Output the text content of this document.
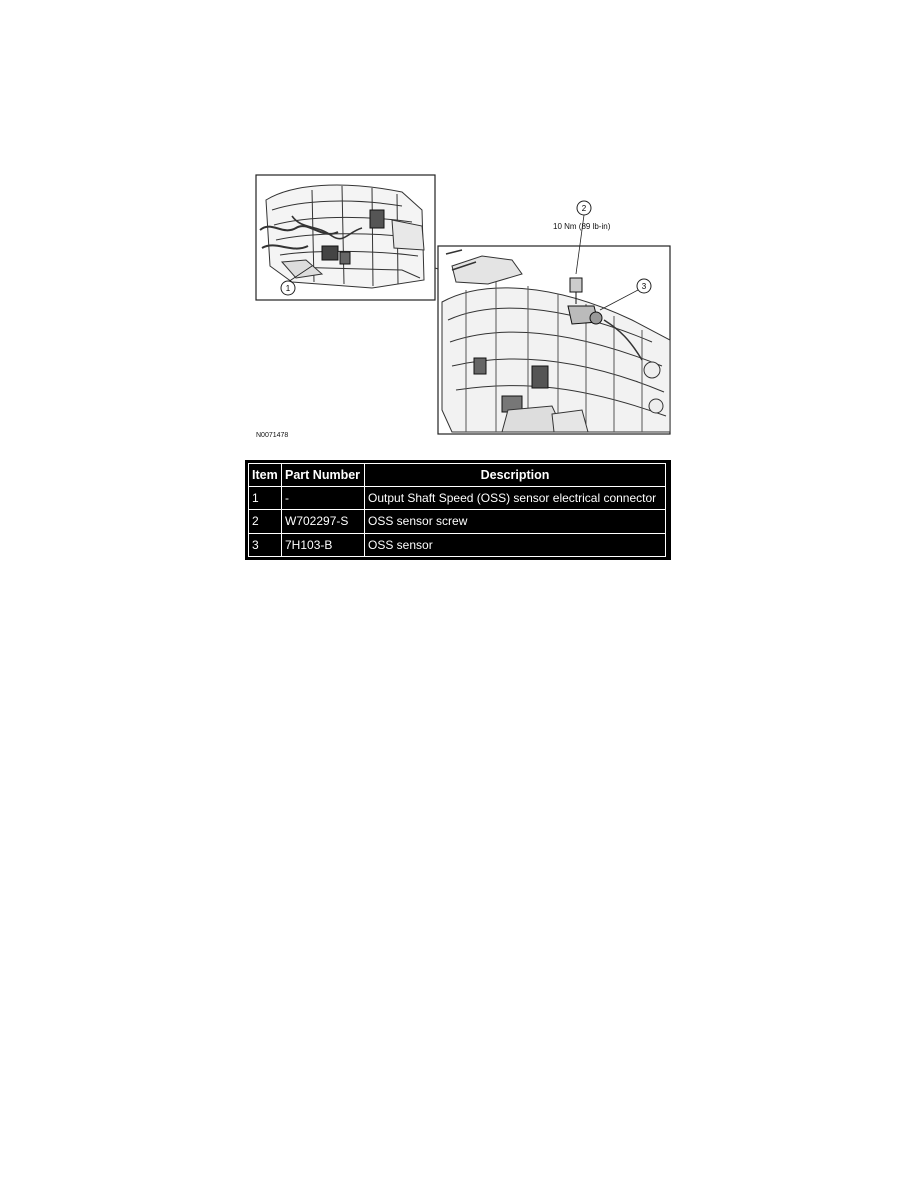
1
2
3
10 Nm (89 lb-in)
N0071478
Item	Part Number	Description
1	-	Output Shaft Speed (OSS) sensor electrical connector
2	W702297-S	OSS sensor screw
3	7H103-B	OSS sensor
